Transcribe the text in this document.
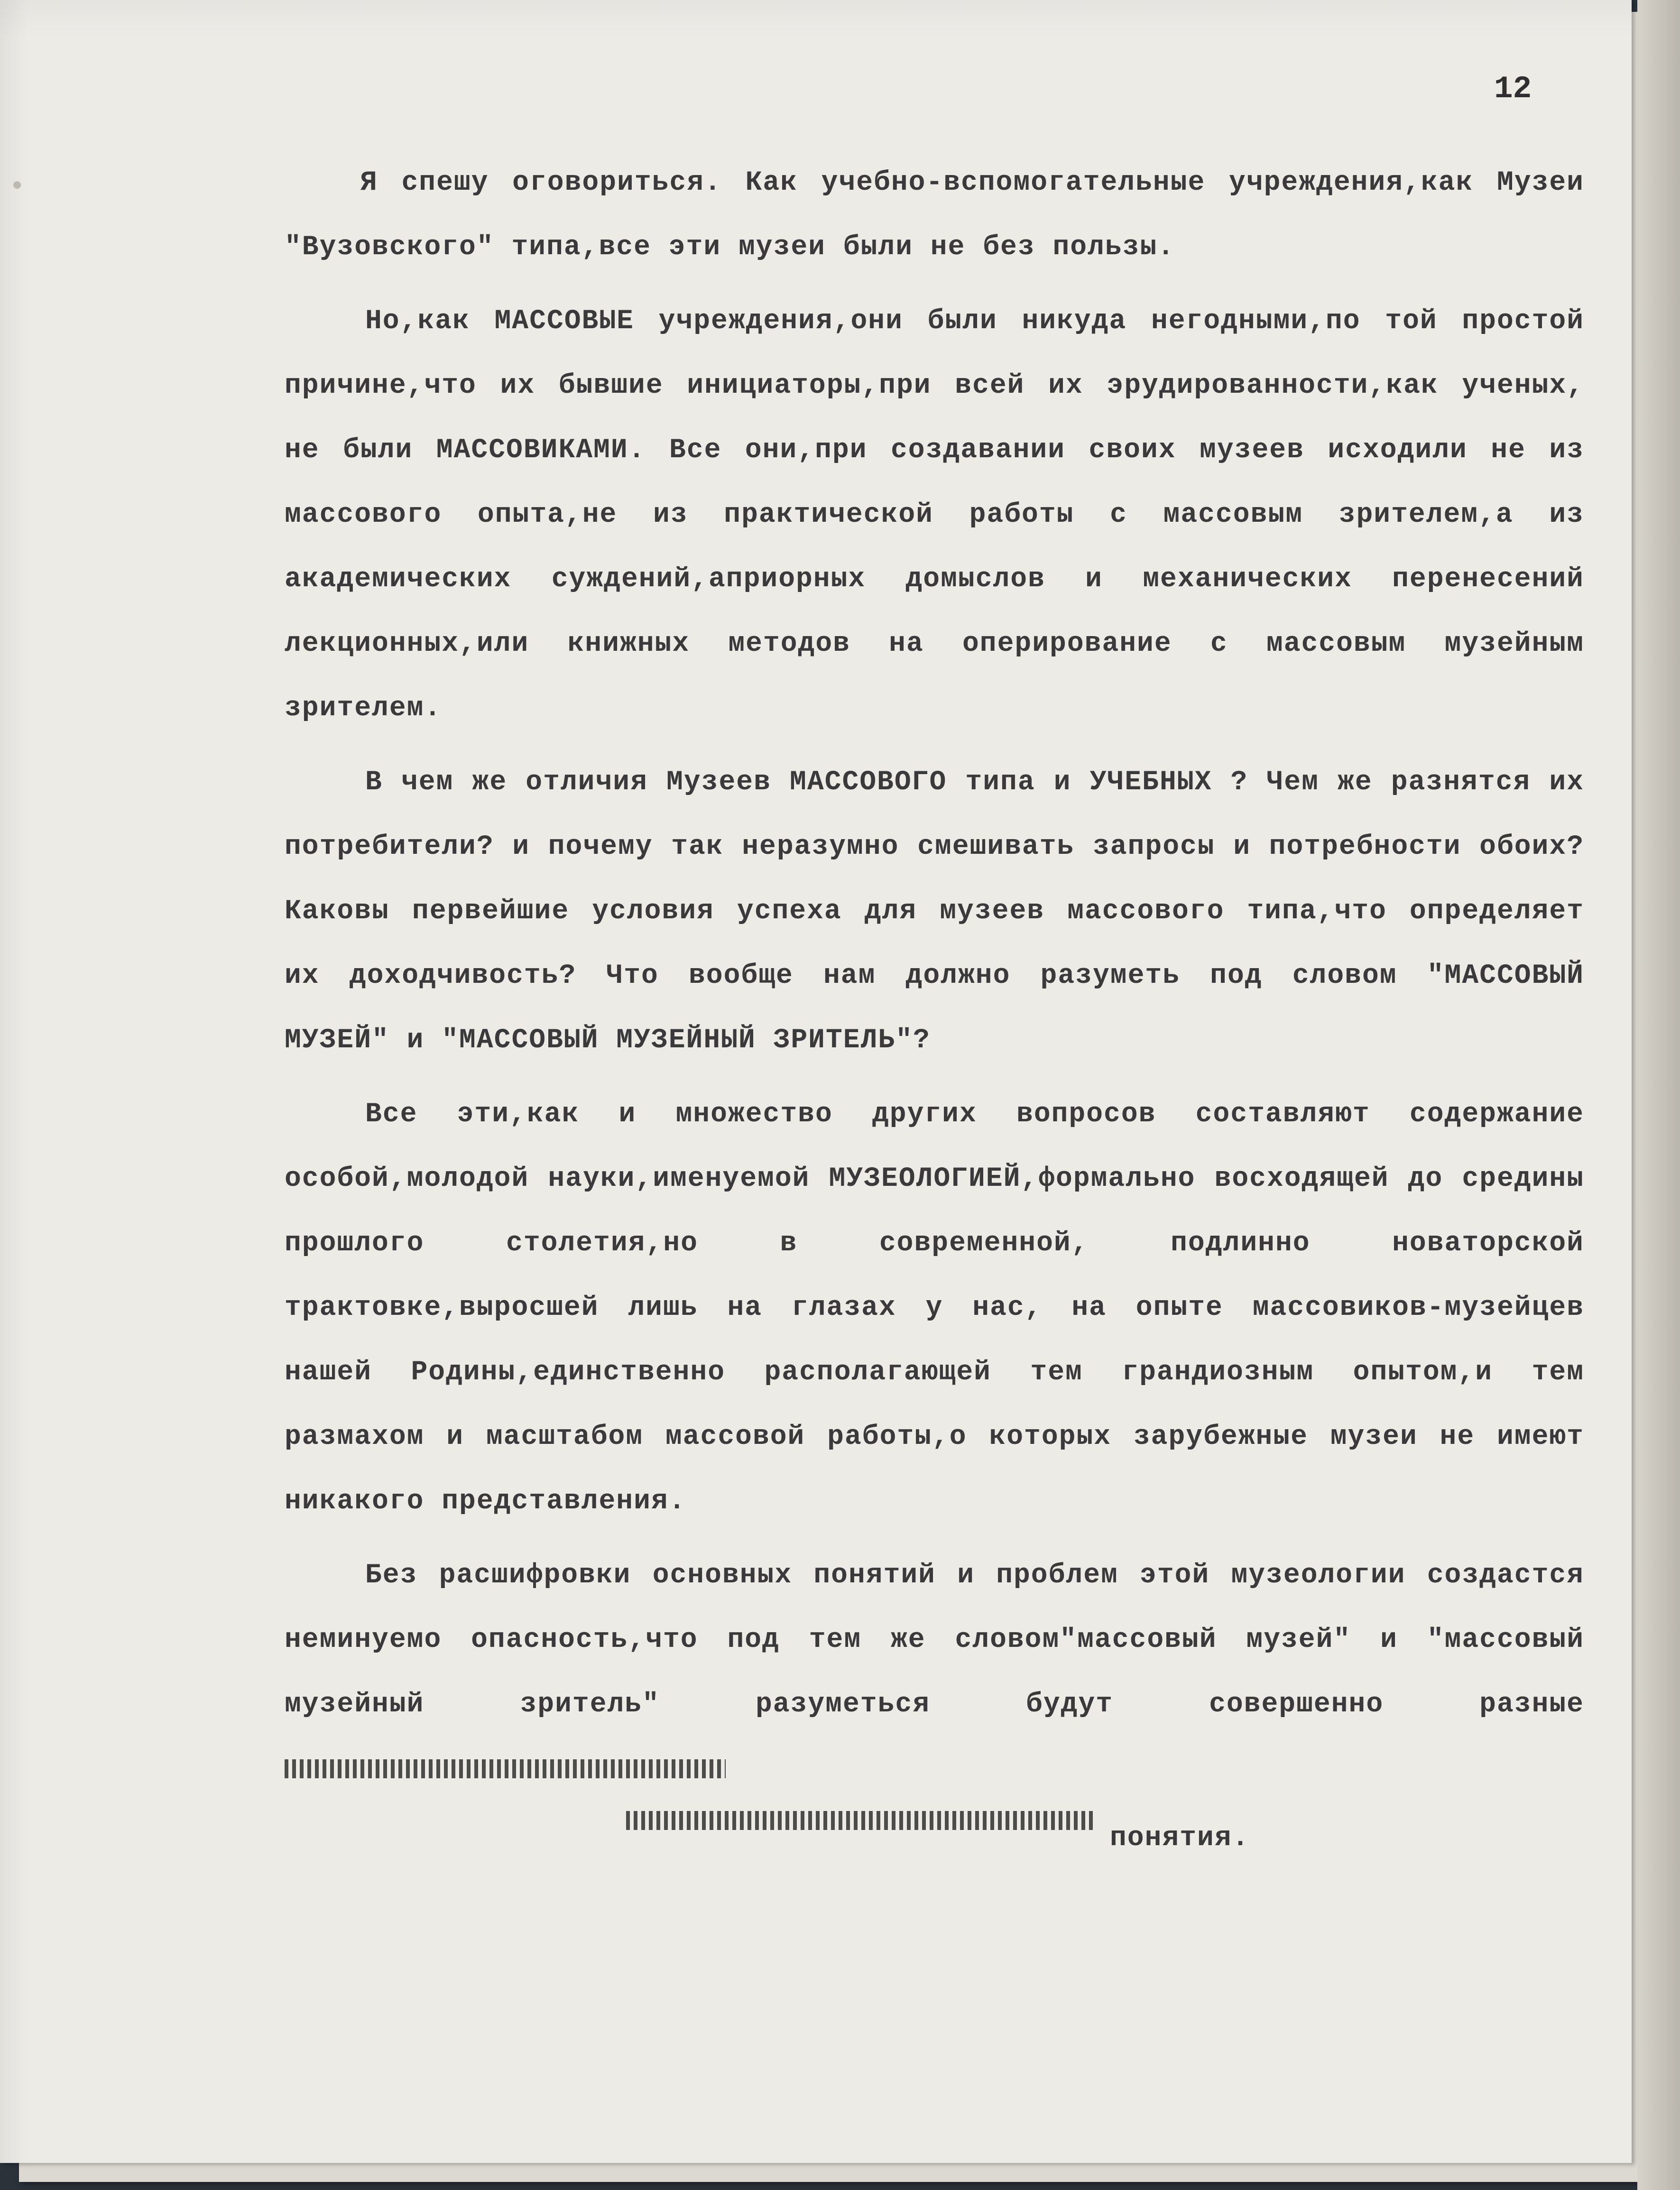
12

Я спешу оговориться. Как учебно-вспомогательные учреждения,как Музеи "Вузовского" типа,все эти музеи были не без пользы.

Но,как МАССОВЫЕ учреждения,они были никуда негодными,по той простой причине,что их бывшие инициаторы,при всей их эрудированности,как ученых, не были МАССОВИКАМИ. Все они,при создавании своих музеев исходили не из массового опыта,не из практической работы с массовым зрителем,а из академических суждений,априорных домыслов и механических перенесений лекционных,или книжных методов на оперирование с массовым музейным зрителем.

В чем же отличия Музеев МАССОВОГО типа и УЧЕБНЫХ ? Чем же разнятся их потребители? и почему так неразумно смешивать запросы и потребности обоих? Каковы первейшие условия успеха для музеев массового типа,что определяет их доходчивость? Что вообще нам должно разуметь под словом "МАССОВЫЙ МУЗЕЙ" и "МАССОВЫЙ МУЗЕЙНЫЙ ЗРИТЕЛЬ"?

Все эти,как и множество других вопросов составляют содержание особой,молодой науки,именуемой МУЗЕОЛОГИЕЙ,формально восходящей до средины прошлого столетия,но в современной, подлинно новаторской трактовке,выросшей лишь на глазах у нас, на опыте массовиков-музейцев нашей Родины,единственно располагающей тем грандиозным опытом,и тем размахом и масштабом массовой работы,о которых зарубежные музеи не имеют никакого представления.

Без расшифровки основных понятий и проблем этой музеологии создастся неминуемо опасность,что под тем же словом"массовый музей" и "массовый музейный зритель" разуметься будут совершенно разные

понятия.
